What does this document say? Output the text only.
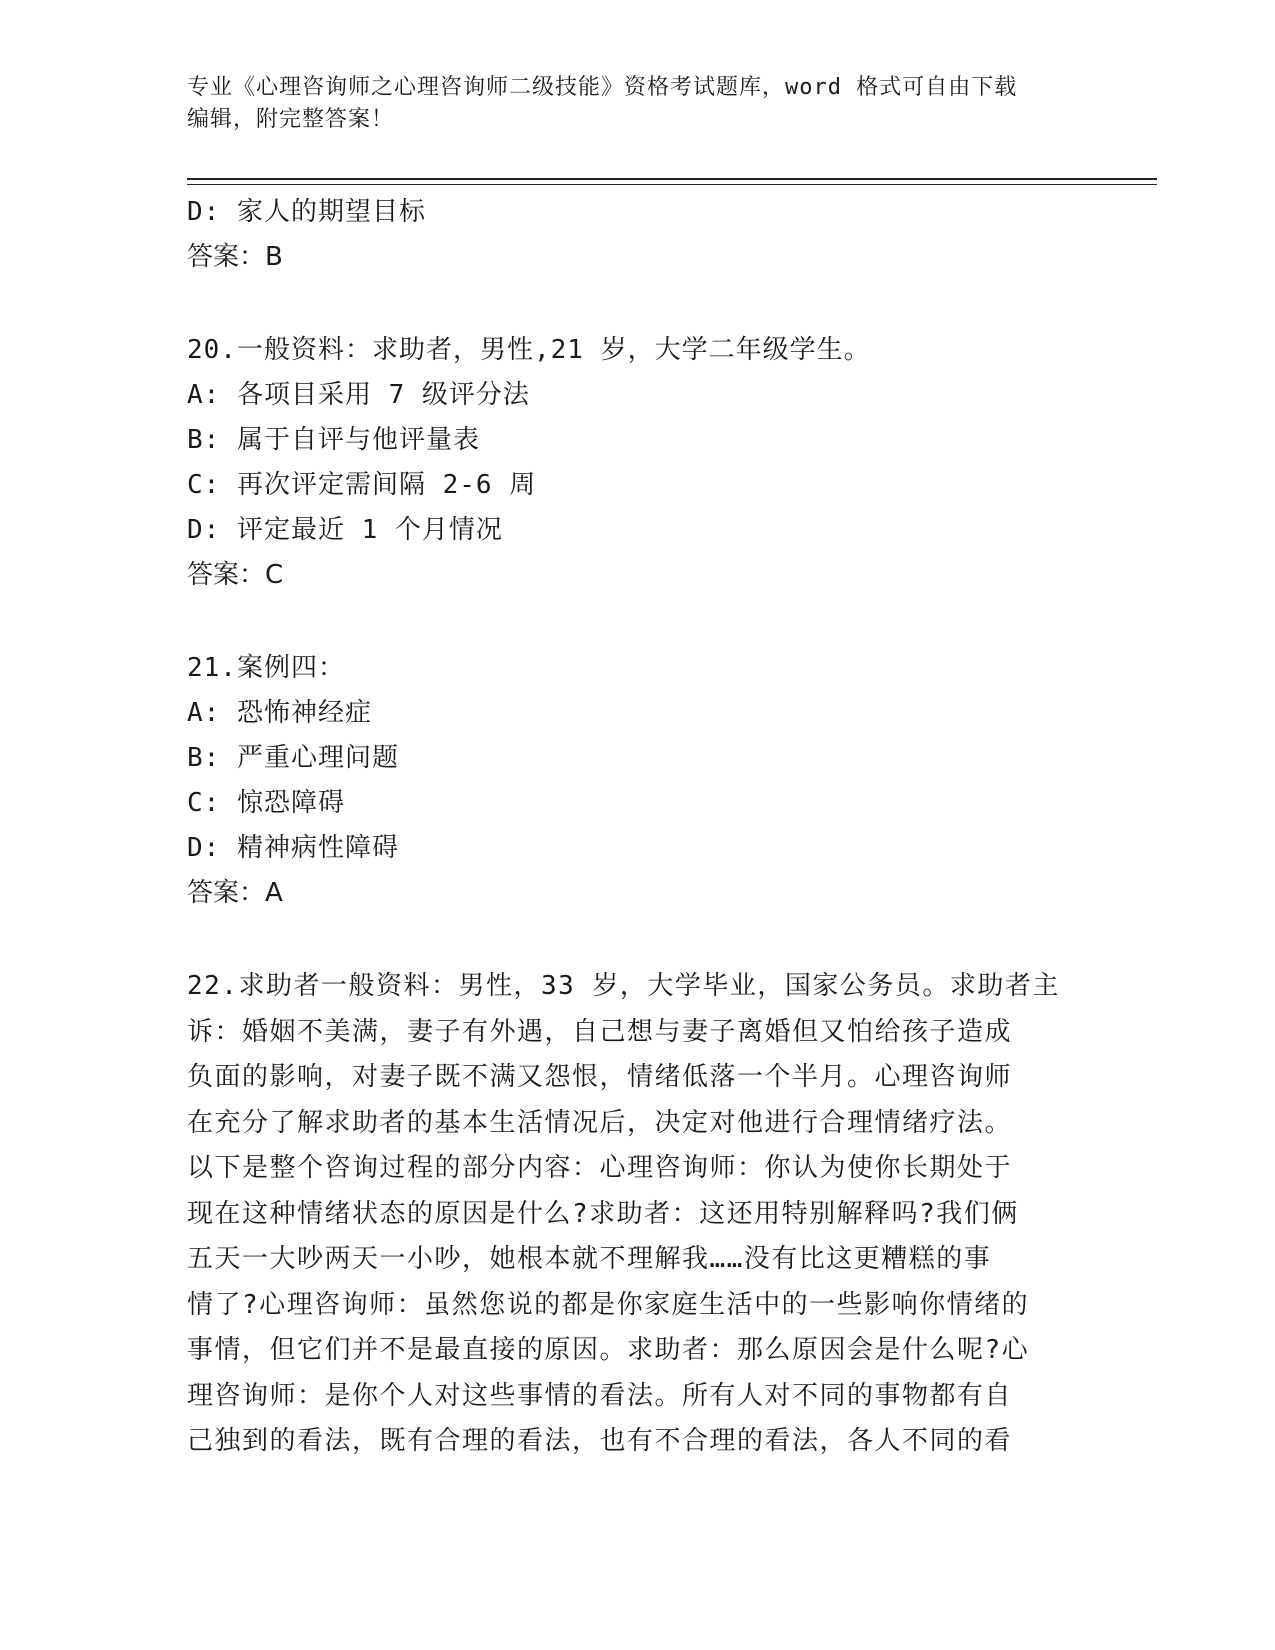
专业《心理咨询师之心理咨询师二级技能》资格考试题库，word 格式可自由下载
编辑，附完整答案！
D: 家人的期望目标
答案：B
20.一般资料：求助者，男性,21 岁，大学二年级学生。
A: 各项目采用 7 级评分法
B: 属于自评与他评量表
C: 再次评定需间隔 2-6 周
D: 评定最近 1 个月情况
答案：C
21.案例四：
A: 恐怖神经症
B: 严重心理问题
C: 惊恐障碍
D: 精神病性障碍
答案：A
22.求助者一般资料：男性，33 岁，大学毕业，国家公务员。求助者主
诉：婚姻不美满，妻子有外遇，自己想与妻子离婚但又怕给孩子造成
负面的影响，对妻子既不满又怨恨，情绪低落一个半月。心理咨询师
在充分了解求助者的基本生活情况后，决定对他进行合理情绪疗法。
以下是整个咨询过程的部分内容：心理咨询师：你认为使你长期处于
现在这种情绪状态的原因是什么?求助者：这还用特别解释吗?我们俩
五天一大吵两天一小吵，她根本就不理解我……没有比这更糟糕的事
情了?心理咨询师：虽然您说的都是你家庭生活中的一些影响你情绪的
事情，但它们并不是最直接的原因。求助者：那么原因会是什么呢?心
理咨询师：是你个人对这些事情的看法。所有人对不同的事物都有自
己独到的看法，既有合理的看法，也有不合理的看法，各人不同的看
